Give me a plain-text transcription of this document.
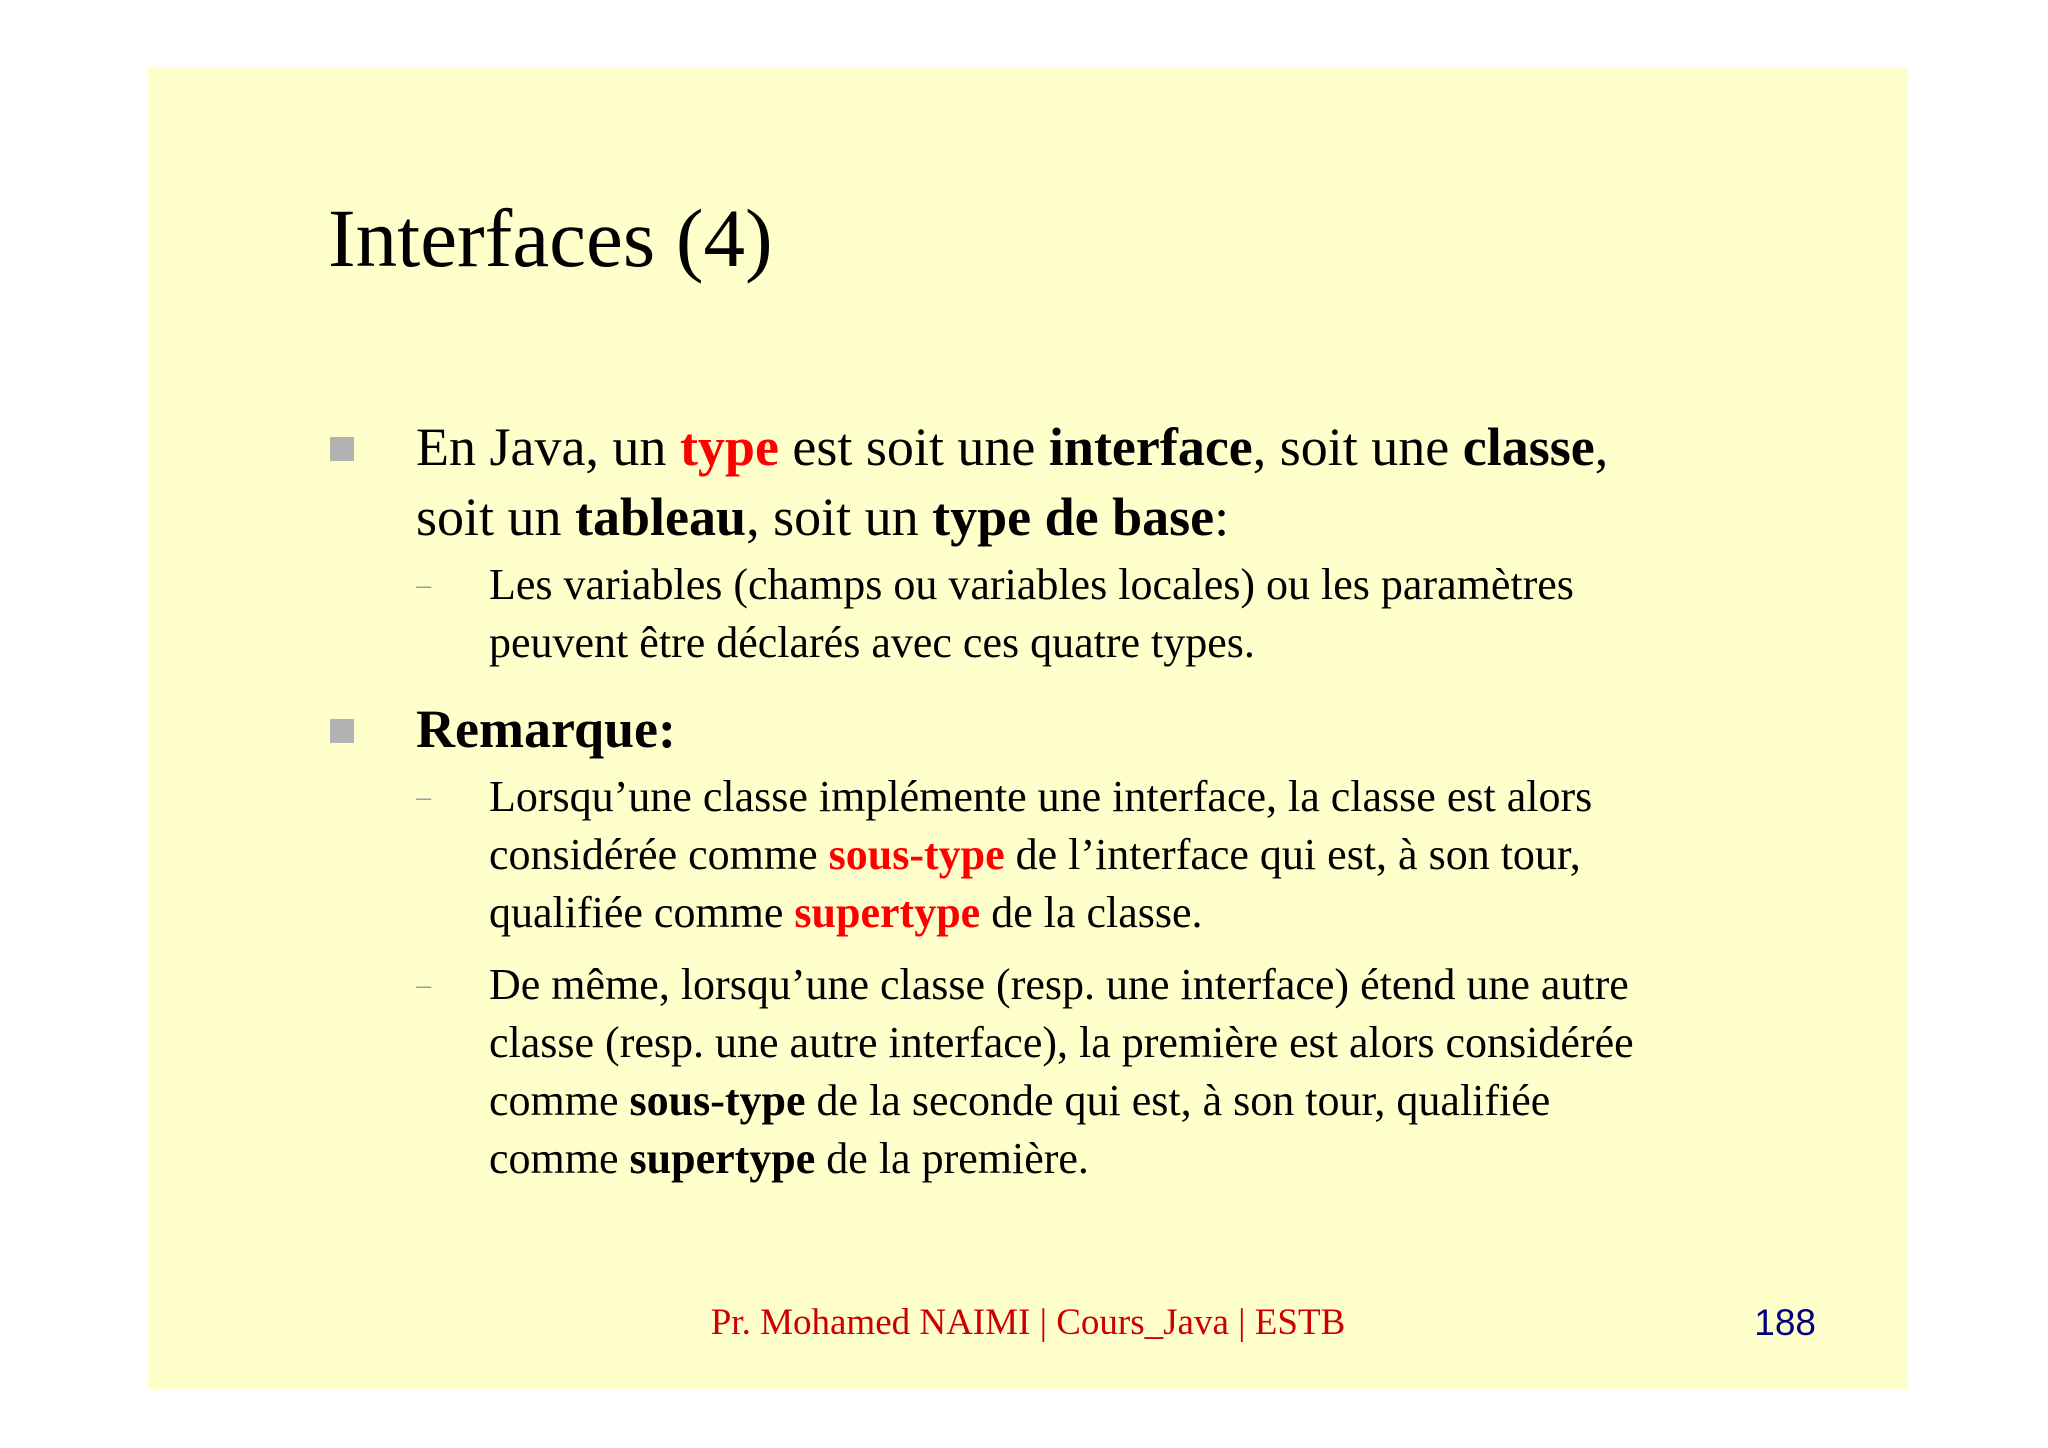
Interfaces (4)
En Java, un type est soit une interface, soit une classe,
soit un tableau, soit un type de base:
– Les variables (champs ou variables locales) ou les paramètres
peuvent être déclarés avec ces quatre types.
Remarque:
– Lorsqu’une classe implémente une interface, la classe est alors
considérée comme sous-type de l’interface qui est, à son tour,
qualifiée comme supertype de la classe.
– De même, lorsqu’une classe (resp. une interface) étend une autre
classe (resp. une autre interface), la première est alors considérée
comme sous-type de la seconde qui est, à son tour, qualifiée
comme supertype de la première.
Pr. Mohamed NAIMI | Cours_Java | ESTB	188
